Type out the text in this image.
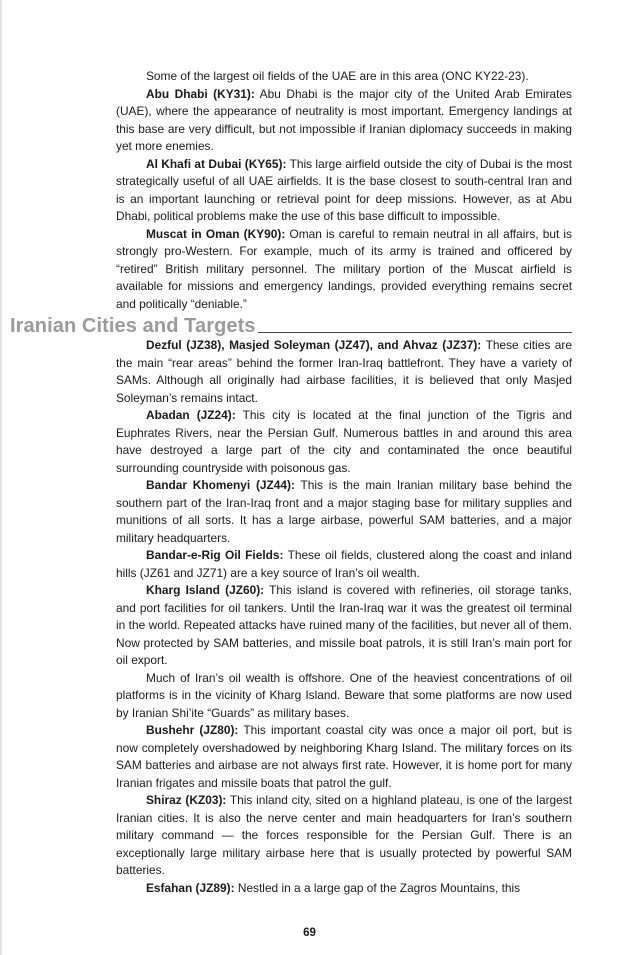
Some of the largest oil fields of the UAE are in this area (ONC KY22-23).

Abu Dhabi (KY31): Abu Dhabi is the major city of the United Arab Emirates (UAE), where the appearance of neutrality is most important. Emergency landings at this base are very difficult, but not impossible if Iranian diplomacy succeeds in making yet more enemies.

Al Khafi at Dubai (KY65): This large airfield outside the city of Dubai is the most strategically useful of all UAE airfields. It is the base closest to south-central Iran and is an important launching or retrieval point for deep missions. However, as at Abu Dhabi, political problems make the use of this base difficult to impossible.

Muscat in Oman (KY90): Oman is careful to remain neutral in all affairs, but is strongly pro-Western. For example, much of its army is trained and officered by “retired” British military personnel. The military portion of the Muscat airfield is available for missions and emergency landings, provided everything remains secret and politically “deniable.”

Iranian Cities and Targets

Dezful (JZ38), Masjed Soleyman (JZ47), and Ahvaz (JZ37): These cities are the main “rear areas” behind the former Iran-Iraq battlefront. They have a variety of SAMs. Although all originally had airbase facilities, it is believed that only Masjed Soleyman’s remains intact.

Abadan (JZ24): This city is located at the final junction of the Tigris and Euphrates Rivers, near the Persian Gulf. Numerous battles in and around this area have destroyed a large part of the city and contaminated the once beautiful surrounding countryside with poisonous gas.

Bandar Khomenyi (JZ44): This is the main Iranian military base behind the southern part of the Iran-Iraq front and a major staging base for military supplies and munitions of all sorts. It has a large airbase, powerful SAM batteries, and a major military headquarters.

Bandar-e-Rig Oil Fields: These oil fields, clustered along the coast and inland hills (JZ61 and JZ71) are a key source of Iran’s oil wealth.

Kharg Island (JZ60): This island is covered with refineries, oil storage tanks, and port facilities for oil tankers. Until the Iran-Iraq war it was the greatest oil terminal in the world. Repeated attacks have ruined many of the facilities, but never all of them. Now protected by SAM batteries, and missile boat patrols, it is still Iran’s main port for oil export.

Much of Iran’s oil wealth is offshore. One of the heaviest concentrations of oil platforms is in the vicinity of Kharg Island. Beware that some platforms are now used by Iranian Shi’ite “Guards” as military bases.

Bushehr (JZ80): This important coastal city was once a major oil port, but is now completely overshadowed by neighboring Kharg Island. The military forces on its SAM batteries and airbase are not always first rate. However, it is home port for many Iranian frigates and missile boats that patrol the gulf.

Shiraz (KZ03): This inland city, sited on a highland plateau, is one of the largest Iranian cities. It is also the nerve center and main headquarters for Iran’s southern military command — the forces responsible for the Persian Gulf. There is an exceptionally large military airbase here that is usually protected by powerful SAM batteries.

Esfahan (JZ89): Nestled in a a large gap of the Zagros Mountains, this

69
